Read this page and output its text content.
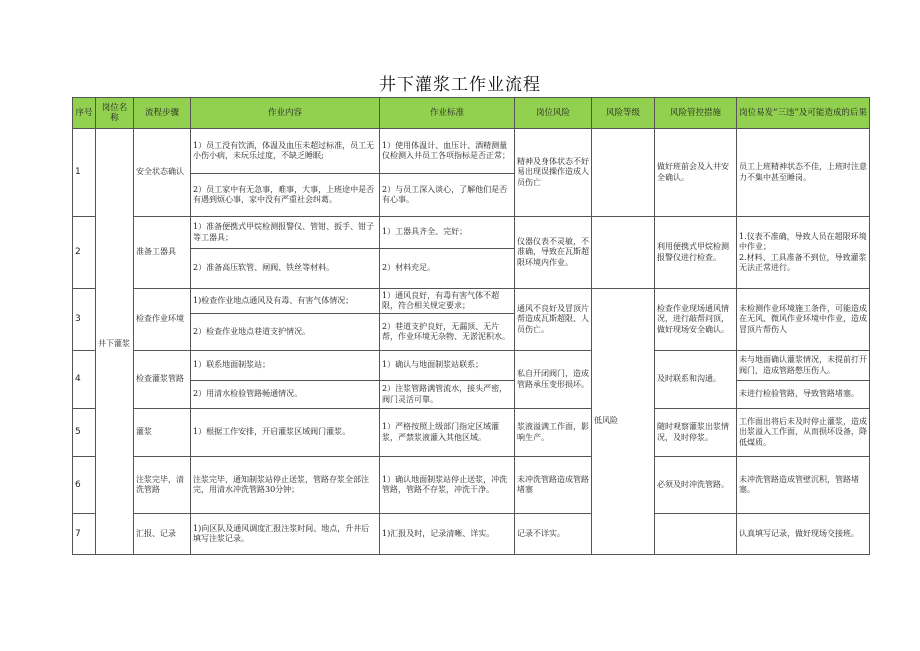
井下灌浆工作业流程
序号	岗位名称	流程步骤	作业内容	作业标准	岗位风险	风险等级	风险管控措施	岗位易发“三违”及可能造成的后果	
1	井下灌浆	安全状态确认	1）员工没有饮酒，体温及血压未超过标准，员工无小伤小病，未玩乐过度，不缺乏睡眠;	1）使用体温计、血压计、酒精测量仪检测入井员工各项指标是否正常；	精神及身体状态不好易出现误操作造成人员伤亡		做好班前会及入井安全确认。	员工上班精神状态不佳，上班时注意力不集中甚至睡岗。	
			2）员工家中有无急事，难事，大事，上班途中是否有遇到烦心事，家中没有严重社会纠葛。	2）与员工深入谈心，了解他们是否有心事。					
2		准备工器具	1）准备便携式甲烷检测报警仪、管钳、扳手、钳子等工器具；	1）工器具齐全、完好；	仪器仪表不灵敏，不准确，导致在瓦斯超限环境内作业。		利用便携式甲烷检测报警仪进行检查。	1.仪表不准确，导致人员在超限环境中作业；
2.材料、工具准备不到位，导致灌浆无法正常进行。	
			2）准备高压软管、闸阀、铁丝等材料。	2）材料充足。					
3		检查作业环境	1)检查作业地点通风及有毒、有害气体情况；	1）通风良好，有毒有害气体不超限，符合相关规定要求；	通风不良好及冒顶片帮造成瓦斯超限、人员伤亡。	低风险	检查作业现场通风情况，进行敲帮问顶，做好现场安全确认。	未检测作业环境施工条件，可能造成在无风、微风作业环境中作业，造成冒顶片帮伤人	
			2）检查作业地点巷道支护情况。	2）巷道支护良好，无漏顶、无片帮，作业环境无杂物、无淤泥积水。					
4		检查灌浆管路	1）联系地面制浆站；	1）确认与地面制浆站联系；	私自开闭阀门，造成管路承压变形损坏。		及时联系和沟通。	未与地面确认灌浆情况，未提前打开阀门，造成管路憋压伤人。	
			2）用清水检验管路畅通情况。	2）注浆管路满管流水，接头严密，阀门灵活可靠。				未进行检验管路，导致管路堵塞。	
5		灌浆	1）根据工作安排，开启灌浆区域阀门灌浆。	1）严格按照上级部门指定区域灌浆，严禁浆液灌入其他区域。	浆液溢满工作面，影响生产。		随时观察灌浆出浆情况，及时停浆。	工作面出将后未及时停止灌浆，造成出浆溢入工作面，从而损坏设备，降低煤质。	
6		注浆完毕，清洗管路	注浆完毕，通知制浆站停止送浆，管路存浆全部注完，用清水冲洗管路30分钟；	1）确认地面制浆站停止送浆，冲洗管路，管路不存浆，冲洗干净。	未冲洗管路造成管路堵塞		必须及时冲洗管路。	未冲洗管路造成管壁沉积，管路堵塞。	
7		汇报、记录	1)向区队及通风调度汇报注浆时间、地点，升井后填写注浆记录。	1)汇报及时，记录清晰、详实。	记录不详实。			认真填写记录，做好现场交接班。	
